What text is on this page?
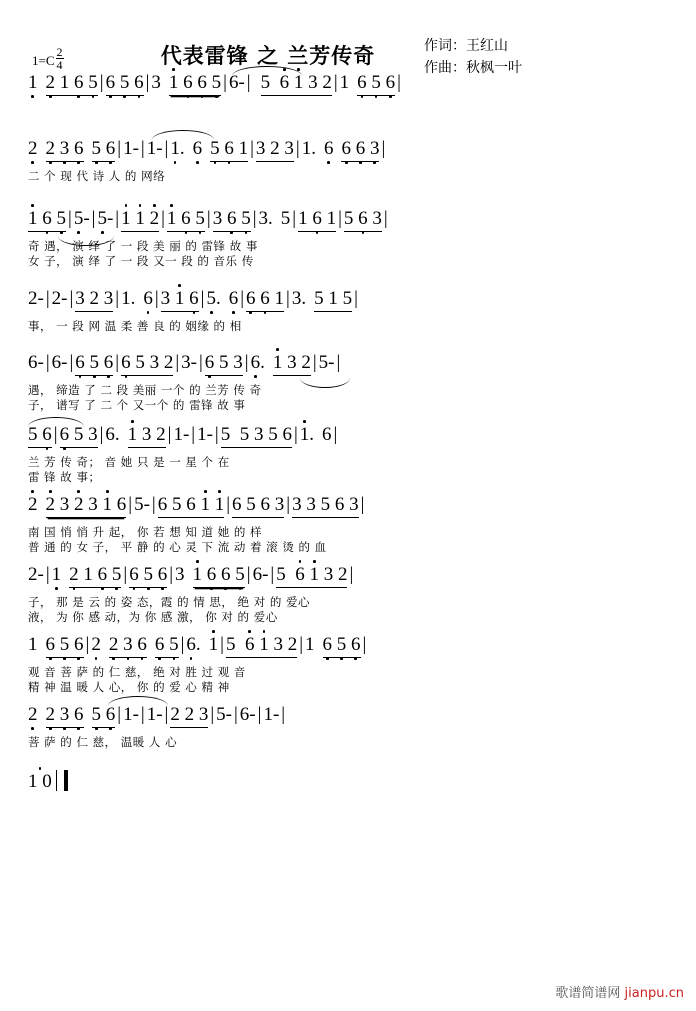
$1=C \frac{2}{4}$	代表雷锋 之 兰芳传奇	作词：王红山
作曲：秋枫一叶
1 2 1 6 5 | 6 5 6 | 3 1 6 6 5 | 6- | 5  6 1 3 2 | 1 6 5 6 |
2 2 3 6 5 6 | 1- | 1- | 1. 6 5 6 1 | 3 2 3 | 1. 6 6 6 3 |
二 个 现 代 诗 人 的 网络
1 6 5 | 5- | 5- | 1 1 2 | 1 6 5 | 3 6 5 | 3. 5 | 1 6 1 | 5 6 3 |
奇 遇， 演 绎 了 一 段 美 丽 的 雷锋 故 事
女 子， 演 绎 了 一 段 又一 段 的 音乐 传
2- | 2- | 3 2 3 | 1. 6 | 3 1 6 | 5. 6 | 6 6 1 | 3. 5 1 5 |
事， 一 段 网 温 柔 善 良 的 姻缘 的 相
6- | 6- | 6 5 6 | 6 5 3 2 | 3- | 6 5 3 | 6. 1 3 2 | 5- |
遇， 缔造 了 二 段 美丽 一个 的 兰芳 传 奇
子， 谱写 了 二 个 又一个 的 雷锋 故 事
5 6 | 6 5 3 | 6. 1 3 2 | 1- | 1- | 5  5 3 5 6 | 1. 6 |
兰 芳 传 奇； 音 她 只 是 一 星 个 在
雷 锋 故 事；
2 2 3 2 3 1 6 | 5- | 6 5 6 1 1 | 6 5 6 3 | 3 3 5 6 3 |
南 国 悄 悄 升 起， 你 若 想 知 道 她 的 样
普 通 的 女 子， 平 静 的 心 灵 下 流 动 着 滚 烫 的 血
2- | 1 2 1 6 5 | 6 5 6 | 3 1 6 6 5 | 6- | 5  6 1 3 2 |
子， 那 是 云 的 姿 态，霞 的 情 思， 绝 对 的 爱心
液， 为 你 感 动，为 你 感 激， 你 对 的 爱心
1 6 5 6 | 2 2 3 6 6 5 | 6. 1 | 5  6 1 3 2 | 1 6 5 6 |
观 音 菩 萨 的 仁 慈， 绝 对 胜 过 观 音
精 神 温 暖 人 心， 你 的 爱 心 精 神
2 2 3 6 5 6 | 1- | 1- | 2 2 3 | 5- | 6- | 1- |
菩 萨 的 仁 慈， 温暖 人 心
1 0
歌谱简谱网 jianpu.cn
